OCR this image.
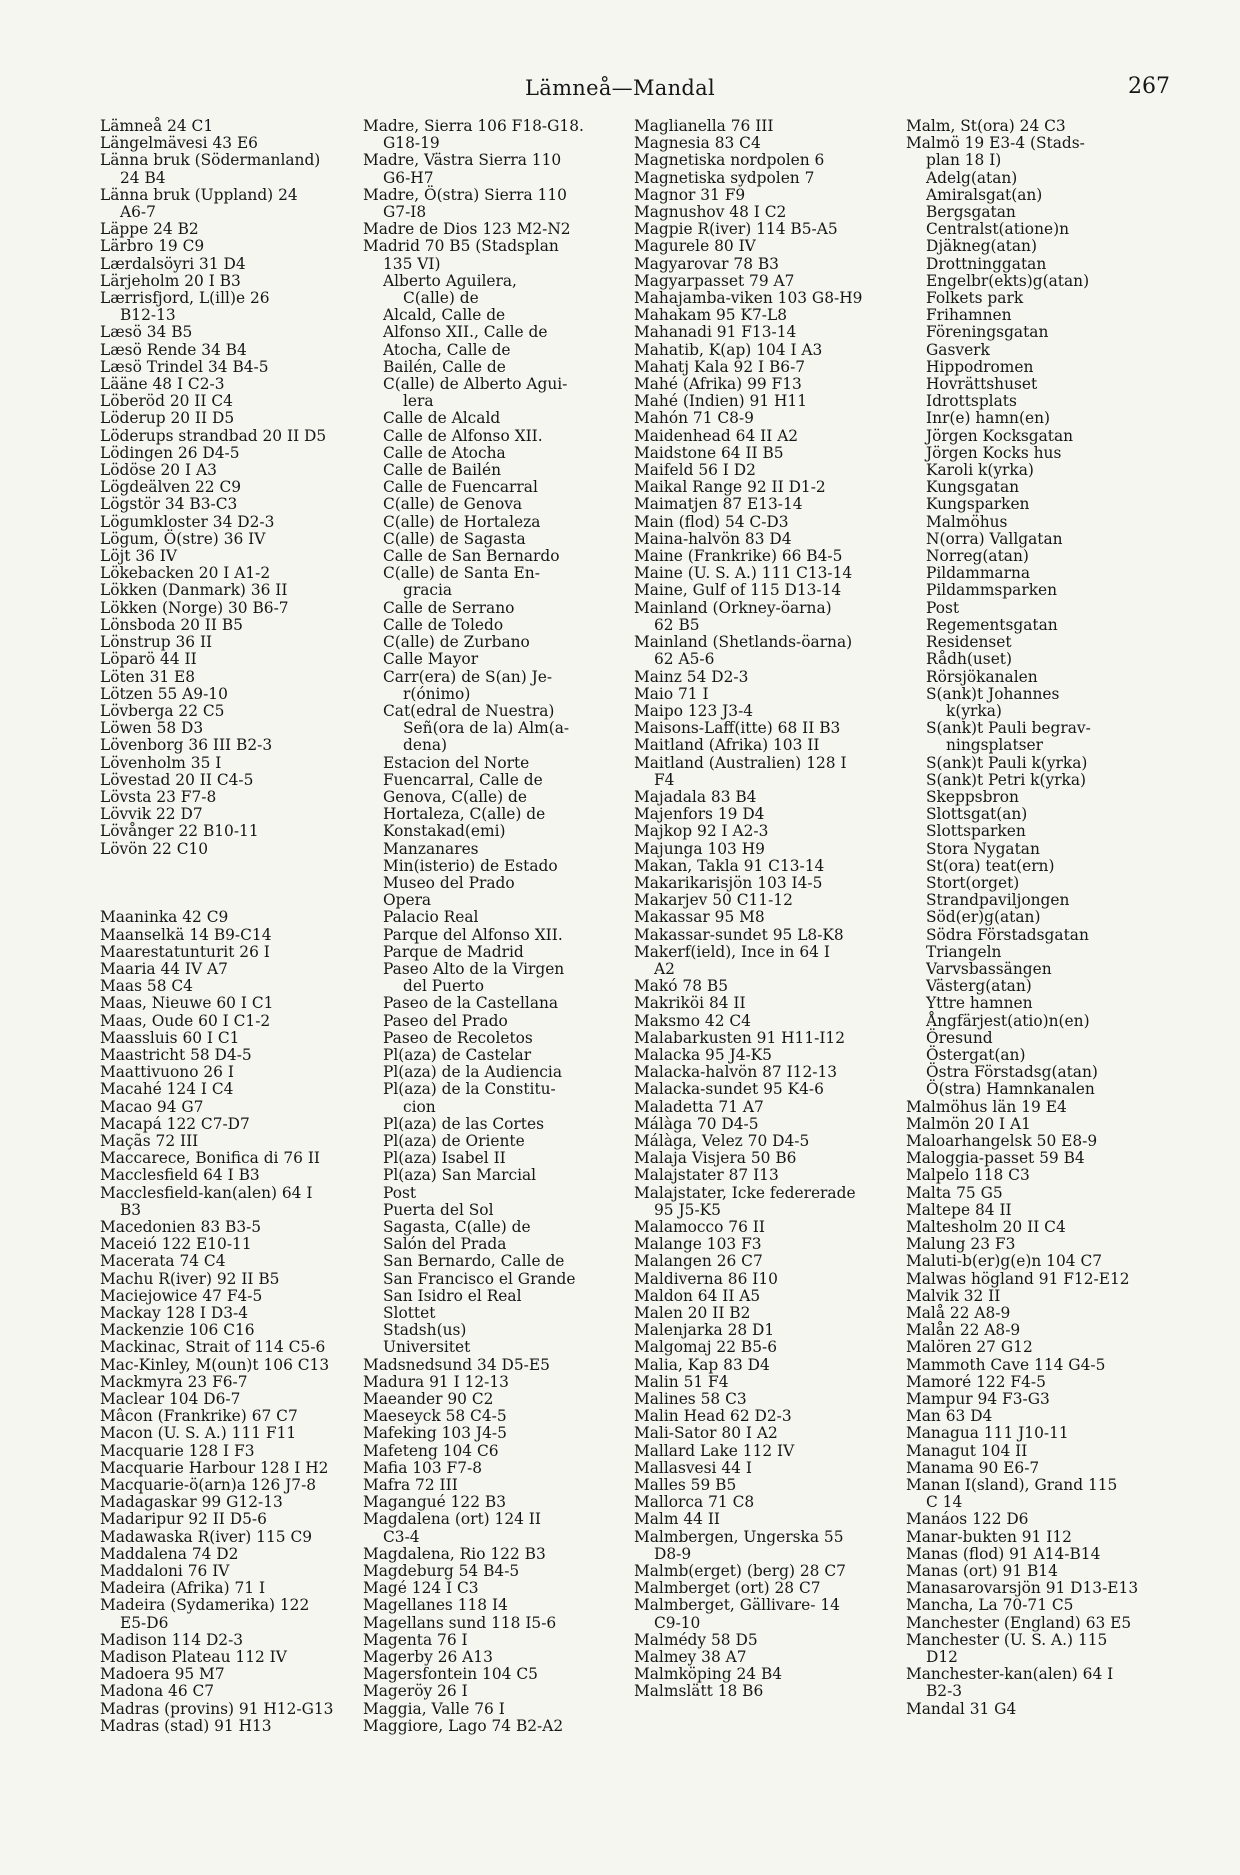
Lämneå—Mandal	267
Lämneå 24 C1
Längelmävesi 43 E6
Länna bruk (Södermanland)
24 B4
Länna bruk (Uppland) 24
A6-7
Läppe 24 B2
Lärbro 19 C9
Lærdalsöyri 31 D4
Lärjeholm 20 I B3
Lærrisfjord, L(ill)e 26
B12-13
Læsö 34 B5
Læsö Rende 34 B4
Læsö Trindel 34 B4-5
Lääne 48 I C2-3
Löberöd 20 II C4
Löderup 20 II D5
Löderups strandbad 20 II D5
Lödingen 26 D4-5
Lödöse 20 I A3
Lögdeälven 22 C9
Lögstör 34 B3-C3
Lögumkloster 34 D2-3
Lögum, Ö(stre) 36 IV
Löjt 36 IV
Lökebacken 20 I A1-2
Lökken (Danmark) 36 II
Lökken (Norge) 30 B6-7
Lönsboda 20 II B5
Lönstrup 36 II
Löparö 44 II
Löten 31 E8
Lötzen 55 A9-10
Lövberga 22 C5
Löwen 58 D3
Lövenborg 36 III B2-3
Lövenholm 35 I
Lövestad 20 II C4-5
Lövsta 23 F7-8
Lövvik 22 D7
Lövånger 22 B10-11
Lövön 22 C10
Maaninka 42 C9
Maanselkä 14 B9-C14
Maarestatunturit 26 I
Maaria 44 IV A7
Maas 58 C4
Maas, Nieuwe 60 I C1
Maas, Oude 60 I C1-2
Maassluis 60 I C1
Maastricht 58 D4-5
Maattivuono 26 I
Macahé 124 I C4
Macao 94 G7
Macapá 122 C7-D7
Maçãs 72 III
Maccarece, Bonifica di 76 II
Macclesfield 64 I B3
Macclesfield-kan(alen) 64 I
B3
Macedonien 83 B3-5
Maceió 122 E10-11
Macerata 74 C4
Machu R(iver) 92 II B5
Maciejowice 47 F4-5
Mackay 128 I D3-4
Mackenzie 106 C16
Mackinac, Strait of 114 C5-6
Mac-Kinley, M(oun)t 106 C13
Mackmyra 23 F6-7
Maclear 104 D6-7
Mâcon (Frankrike) 67 C7
Macon (U. S. A.) 111 F11
Macquarie 128 I F3
Macquarie Harbour 128 I H2
Macquarie-ö(arn)a 126 J7-8
Madagaskar 99 G12-13
Madaripur 92 II D5-6
Madawaska R(iver) 115 C9
Maddalena 74 D2
Maddaloni 76 IV
Madeira (Afrika) 71 I
Madeira (Sydamerika) 122
E5-D6
Madison 114 D2-3
Madison Plateau 112 IV
Madoera 95 M7
Madona 46 C7
Madras (provins) 91 H12-G13
Madras (stad) 91 H13
Madre, Sierra 106 F18-G18.
G18-19
Madre, Västra Sierra 110
G6-H7
Madre, Ö(stra) Sierra 110
G7-I8
Madre de Dios 123 M2-N2
Madrid 70 B5 (Stadsplan
135 VI)
Alberto Aguilera,
C(alle) de
Alcald, Calle de
Alfonso XII., Calle de
Atocha, Calle de
Bailén, Calle de
C(alle) de Alberto Agui-
lera
Calle de Alcald
Calle de Alfonso XII.
Calle de Atocha
Calle de Bailén
Calle de Fuencarral
C(alle) de Genova
C(alle) de Hortaleza
C(alle) de Sagasta
Calle de San Bernardo
C(alle) de Santa En-
gracia
Calle de Serrano
Calle de Toledo
C(alle) de Zurbano
Calle Mayor
Carr(era) de S(an) Je-
r(ónimo)
Cat(edral de Nuestra)
Señ(ora de la) Alm(a-
dena)
Estacion del Norte
Fuencarral, Calle de
Genova, C(alle) de
Hortaleza, C(alle) de
Konstakad(emi)
Manzanares
Min(isterio) de Estado
Museo del Prado
Opera
Palacio Real
Parque del Alfonso XII.
Parque de Madrid
Paseo Alto de la Virgen
del Puerto
Paseo de la Castellana
Paseo del Prado
Paseo de Recoletos
Pl(aza) de Castelar
Pl(aza) de la Audiencia
Pl(aza) de la Constitu-
cion
Pl(aza) de las Cortes
Pl(aza) de Oriente
Pl(aza) Isabel II
Pl(aza) San Marcial
Post
Puerta del Sol
Sagasta, C(alle) de
Salón del Prada
San Bernardo, Calle de
San Francisco el Grande
San Isidro el Real
Slottet
Stadsh(us)
Universitet
Madsnedsund 34 D5-E5
Madura 91 I 12-13
Maeander 90 C2
Maeseyck 58 C4-5
Mafeking 103 J4-5
Mafeteng 104 C6
Mafia 103 F7-8
Mafra 72 III
Magangué 122 B3
Magdalena (ort) 124 II
C3-4
Magdalena, Rio 122 B3
Magdeburg 54 B4-5
Magé 124 I C3
Magellanes 118 I4
Magellans sund 118 I5-6
Magenta 76 I
Magerby 26 A13
Magersfontein 104 C5
Mageröy 26 I
Maggia, Valle 76 I
Maggiore, Lago 74 B2-A2
Maglianella 76 III
Magnesia 83 C4
Magnetiska nordpolen 6
Magnetiska sydpolen 7
Magnor 31 F9
Magnushov 48 I C2
Magpie R(iver) 114 B5-A5
Magurele 80 IV
Magyarovar 78 B3
Magyarpasset 79 A7
Mahajamba-viken 103 G8-H9
Mahakam 95 K7-L8
Mahanadi 91 F13-14
Mahatib, K(ap) 104 I A3
Mahatj Kala 92 I B6-7
Mahé (Afrika) 99 F13
Mahé (Indien) 91 H11
Mahón 71 C8-9
Maidenhead 64 II A2
Maidstone 64 II B5
Maifeld 56 I D2
Maikal Range 92 II D1-2
Maimatjen 87 E13-14
Main (flod) 54 C-D3
Maina-halvön 83 D4
Maine (Frankrike) 66 B4-5
Maine (U. S. A.) 111 C13-14
Maine, Gulf of 115 D13-14
Mainland (Orkney-öarna)
62 B5
Mainland (Shetlands-öarna)
62 A5-6
Mainz 54 D2-3
Maio 71 I
Maipo 123 J3-4
Maisons-Laff(itte) 68 II B3
Maitland (Afrika) 103 II
Maitland (Australien) 128 I
F4
Majadala 83 B4
Majenfors 19 D4
Majkop 92 I A2-3
Majunga 103 H9
Makan, Takla 91 C13-14
Makarikarisjön 103 I4-5
Makarjev 50 C11-12
Makassar 95 M8
Makassar-sundet 95 L8-K8
Makerf(ield), Ince in 64 I
A2
Makó 78 B5
Makriköi 84 II
Maksmo 42 C4
Malabarkusten 91 H11-I12
Malacka 95 J4-K5
Malacka-halvön 87 I12-13
Malacka-sundet 95 K4-6
Maladetta 71 A7
Málàga 70 D4-5
Málàga, Velez 70 D4-5
Malaja Visjera 50 B6
Malajstater 87 I13
Malajstater, Icke federerade
95 J5-K5
Malamocco 76 II
Malange 103 F3
Malangen 26 C7
Maldiverna 86 I10
Maldon 64 II A5
Malen 20 II B2
Malenjarka 28 D1
Malgomaj 22 B5-6
Malia, Kap 83 D4
Malin 51 F4
Malines 58 C3
Malin Head 62 D2-3
Mali-Sator 80 I A2
Mallard Lake 112 IV
Mallasvesi 44 I
Malles 59 B5
Mallorca 71 C8
Malm 44 II
Malmbergen, Ungerska 55
D8-9
Malmb(erget) (berg) 28 C7
Malmberget (ort) 28 C7
Malmberget, Gällivare- 14
C9-10
Malmédy 58 D5
Malmey 38 A7
Malmköping 24 B4
Malmslätt 18 B6
Malm, St(ora) 24 C3
Malmö 19 E3-4 (Stads-
plan 18 I)
Adelg(atan)
Amiralsgat(an)
Bergsgatan
Centralst(atione)n
Djäkneg(atan)
Drottninggatan
Engelbr(ekts)g(atan)
Folkets park
Frihamnen
Föreningsgatan
Gasverk
Hippodromen
Hovrättshuset
Idrottsplats
Inr(e) hamn(en)
Jörgen Kocksgatan
Jörgen Kocks hus
Karoli k(yrka)
Kungsgatan
Kungsparken
Malmöhus
N(orra) Vallgatan
Norreg(atan)
Pildammarna
Pildammsparken
Post
Regementsgatan
Residenset
Rådh(uset)
Rörsjökanalen
S(ank)t Johannes
k(yrka)
S(ank)t Pauli begrav-
ningsplatser
S(ank)t Pauli k(yrka)
S(ank)t Petri k(yrka)
Skeppsbron
Slottsgat(an)
Slottsparken
Stora Nygatan
St(ora) teat(ern)
Stort(orget)
Strandpaviljongen
Söd(er)g(atan)
Södra Förstadsgatan
Triangeln
Varvsbassängen
Västerg(atan)
Yttre hamnen
Ångfärjest(atio)n(en)
Öresund
Östergat(an)
Östra Förstadsg(atan)
Ö(stra) Hamnkanalen
Malmöhus län 19 E4
Malmön 20 I A1
Maloarhangelsk 50 E8-9
Maloggia-passet 59 B4
Malpelo 118 C3
Malta 75 G5
Maltepe 84 II
Maltesholm 20 II C4
Malung 23 F3
Maluti-b(er)g(e)n 104 C7
Malwas högland 91 F12-E12
Malvik 32 II
Malå 22 A8-9
Malån 22 A8-9
Malören 27 G12
Mammoth Cave 114 G4-5
Mamoré 122 F4-5
Mampur 94 F3-G3
Man 63 D4
Managua 111 J10-11
Managut 104 II
Manama 90 E6-7
Manan I(sland), Grand 115
C 14
Manáos 122 D6
Manar-bukten 91 I12
Manas (flod) 91 A14-B14
Manas (ort) 91 B14
Manasarovarsjön 91 D13-E13
Mancha, La 70-71 C5
Manchester (England) 63 E5
Manchester (U. S. A.) 115
D12
Manchester-kan(alen) 64 I
B2-3
Mandal 31 G4
